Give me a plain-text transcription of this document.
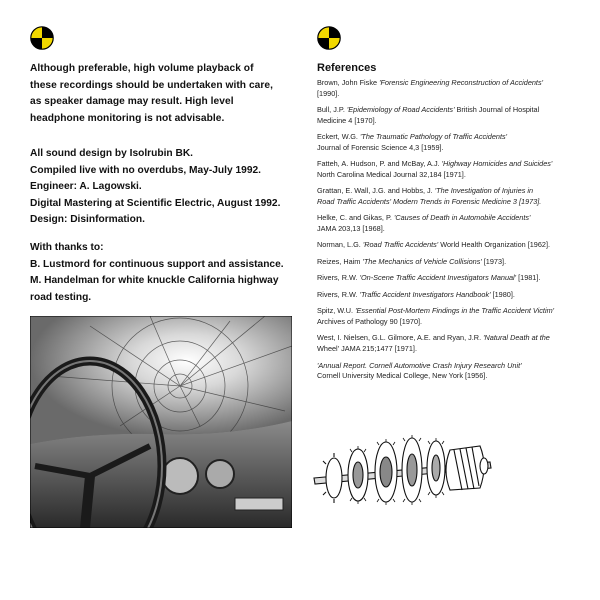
Although preferable, high volume playback of
these recordings should be undertaken with care,
as speaker damage may result. High level
headphone monitoring is not advisable.
All sound design by Isolrubin BK.
Compiled live with no overdubs, May-July 1992.
Engineer: A. Lagowski.
Digital Mastering at Scientific Electric, August 1992.
Design: Disinformation.
With thanks to:
B. Lustmord for continuous support and assistance.
M. Handelman for white knuckle California highway
road testing.
References
Brown, John Fiske 'Forensic Engineering Reconstruction of Accidents'
[1990].
Bull, J.P. 'Epidemiology of Road Accidents' British Journal of Hospital
Medicine 4 [1970].
Eckert, W.G. 'The Traumatic Pathology of Traffic Accidents'
Journal of Forensic Science 4,3 [1959].
Fatteh, A. Hudson, P. and McBay, A.J. 'Highway Homicides and Suicides'
North Carolina Medical Journal 32,184 [1971].
Grattan, E. Wall, J.G. and Hobbs, J. 'The Investigation of Injuries in
Road Traffic Accidents' Modern Trends in Forensic Medicine 3 [1973].
Helke, C. and Gikas, P. 'Causes of Death in Automobile Accidents'
JAMA 203,13 [1968].
Norman, L.G. 'Road Traffic Accidents' World Health Organization [1962].
Reizes, Haim 'The Mechanics of Vehicle Collisions' [1973].
Rivers, R.W. 'On-Scene Traffic Accident Investigators Manual' [1981].
Rivers, R.W. 'Traffic Accident Investigators Handbook' [1980].
Spitz, W.U. 'Essential Post-Mortem Findings in the Traffic Accident Victim'
Archives of Pathology 90 [1970].
West, I. Nielsen, G.L. Gilmore, A.E. and Ryan, J.R. 'Natural Death at the
Wheel' JAMA 215;1477 [1971].
'Annual Report. Cornell Automotive Crash Injury Research Unit'
Cornell University Medical College, New York [1956].
